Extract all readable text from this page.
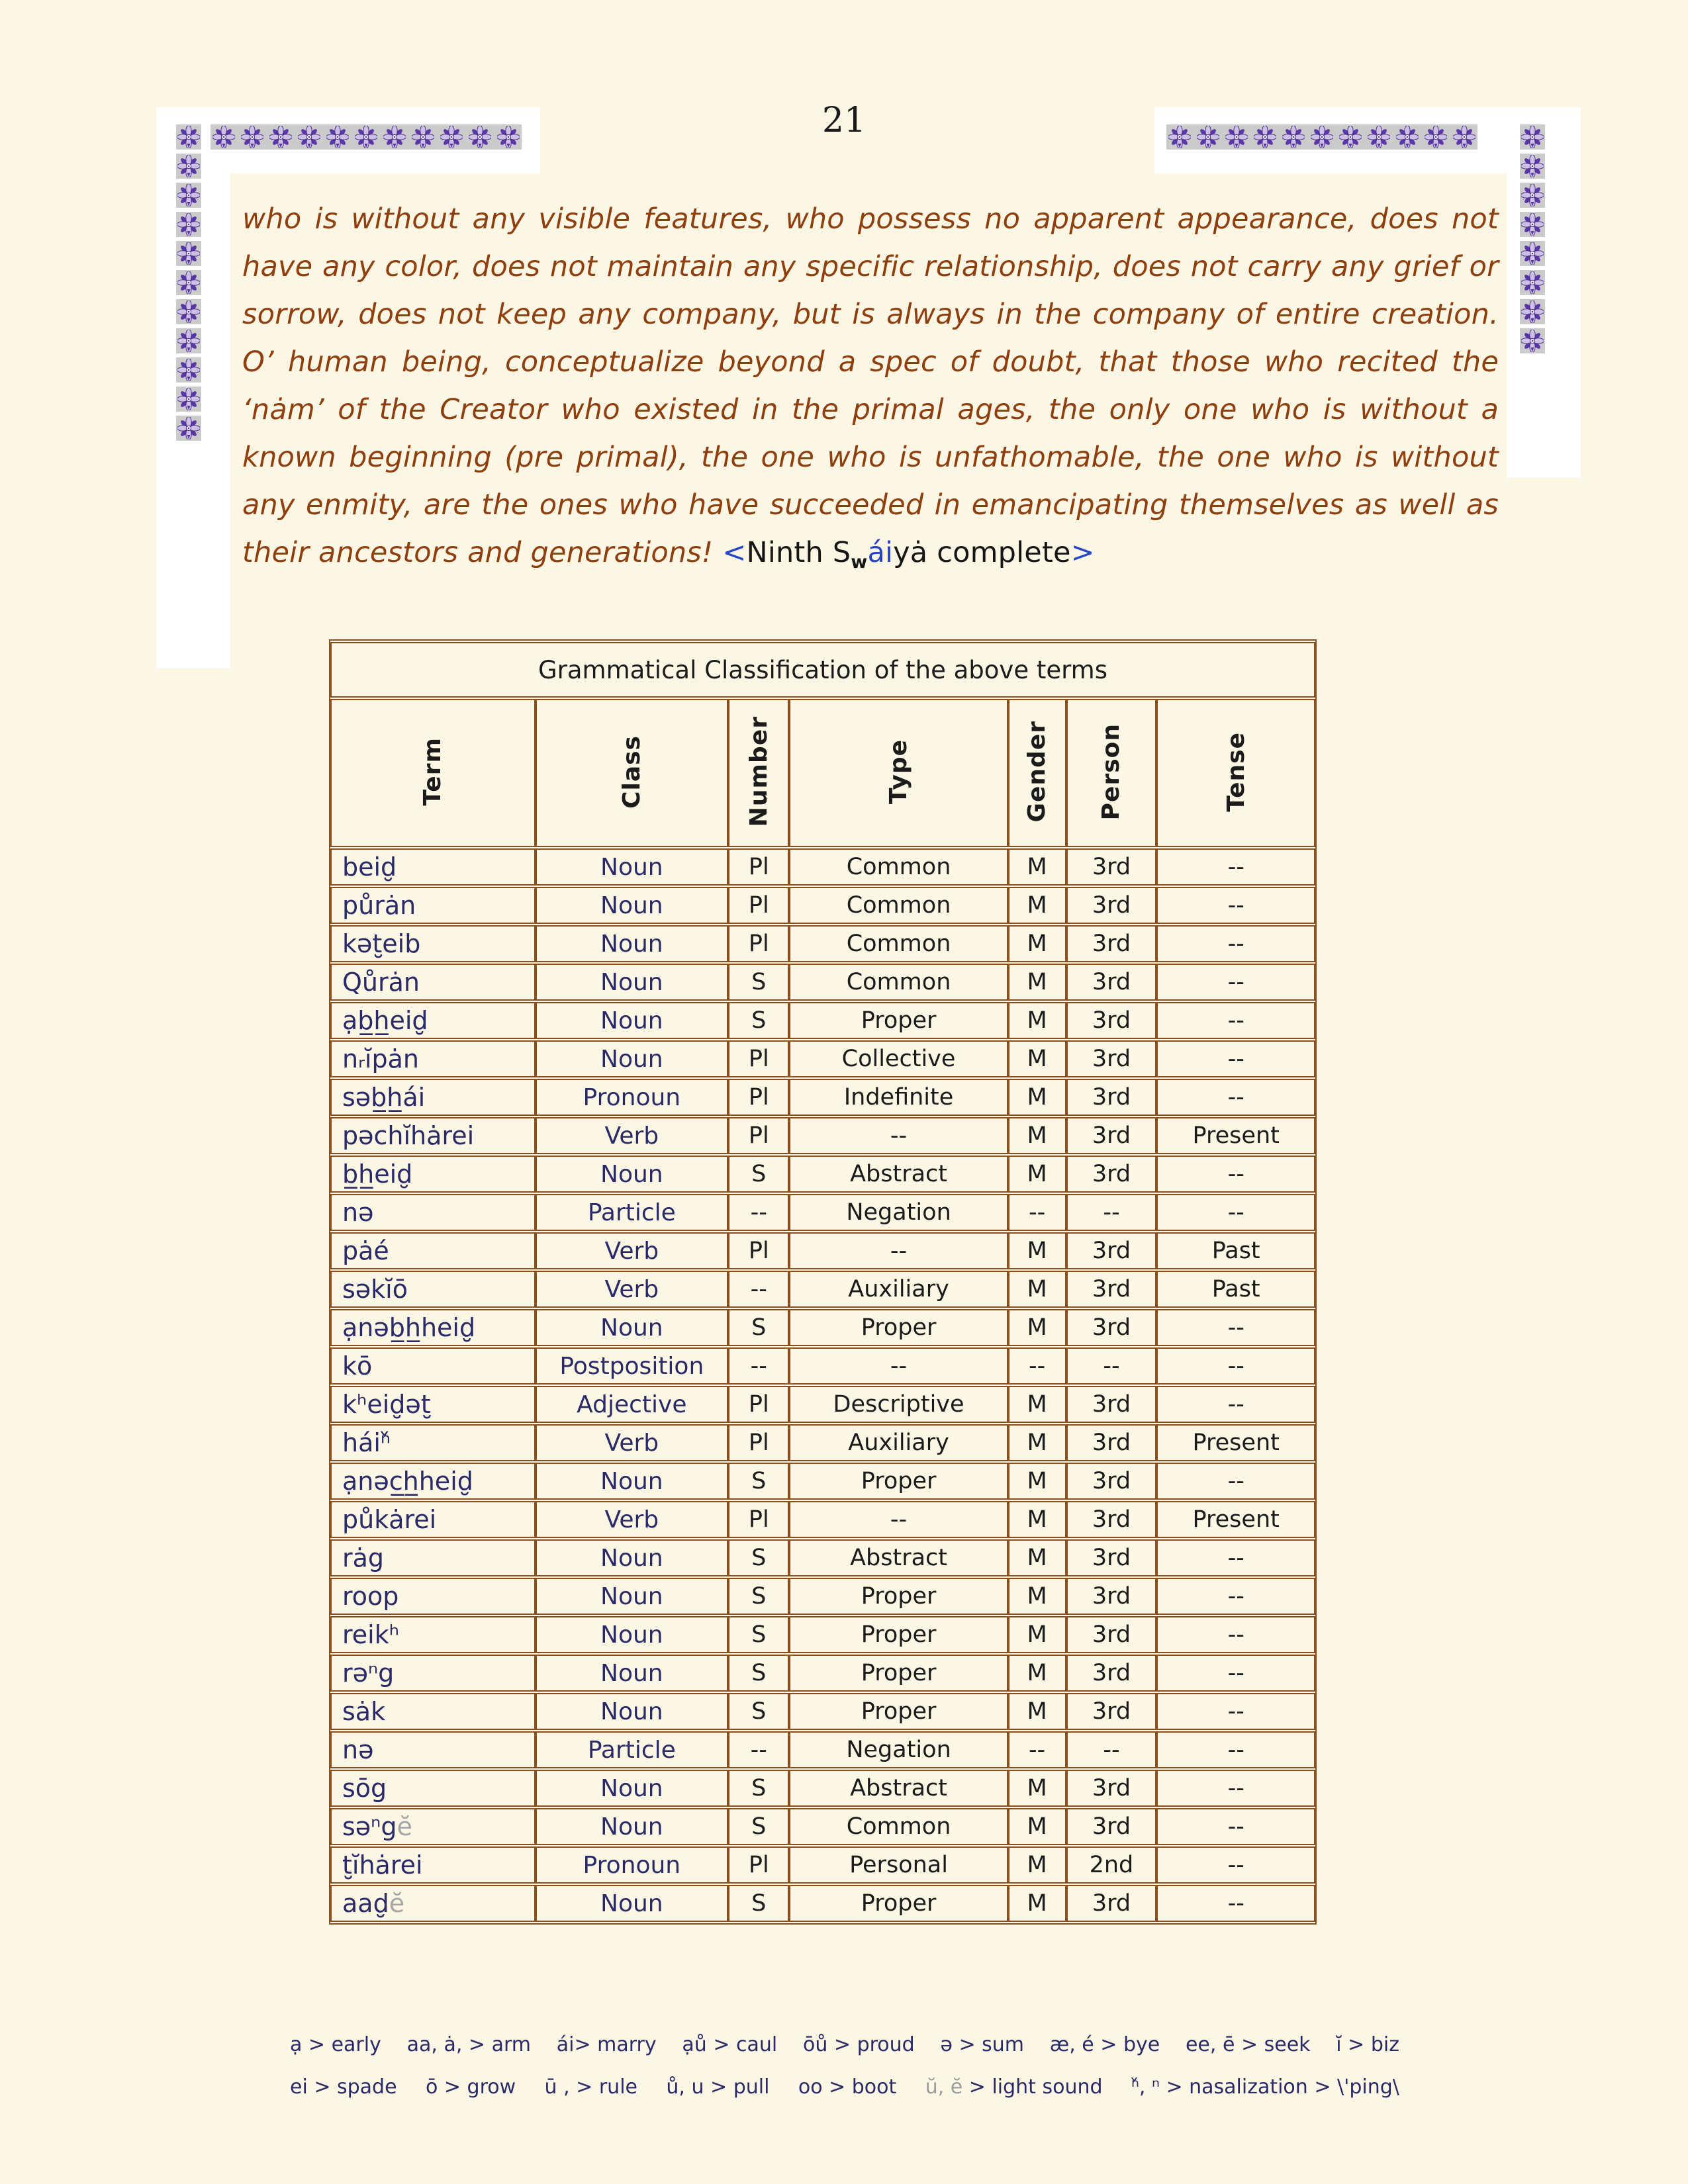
21

who is without any visible features, who possess no apparent appearance, does not have any color, does not maintain any specific relationship, does not carry any grief or sorrow, does not keep any company, but is always in the company of entire creation. O’ human being, conceptualize beyond a spec of doubt, that those who recited the ‘nȧm’ of the Creator who existed in the primal ages, the only one who is without a known beginning (pre primal), the one who is unfathomable, the one who is without any enmity, are the ones who have succeeded in emancipating themselves as well as their ancestors and generations! <Ninth $S_wáiyȧ$ complete>

Grammatical Classification of the above terms						
Term	Class	Number	Type	Gender	Person	Tense
beid̮	Noun	Pl	Common	M	3rd	--
půrȧn	Noun	Pl	Common	M	3rd	--
kət̮eib	Noun	Pl	Common	M	3rd	--
Qůrȧn	Noun	S	Common	M	3rd	--
ạb̲h̲eid̮	Noun	S	Proper	M	3rd	--
nᵣĭpȧn	Noun	Pl	Collective	M	3rd	--
səb̲h̲ái	Pronoun	Pl	Indefinite	M	3rd	--
pəchĭhȧrei	Verb	Pl	--	M	3rd	Present
b̲h̲eid̮	Noun	S	Abstract	M	3rd	--
nə	Particle	--	Negation	--	--	--
pȧé	Verb	Pl	--	M	3rd	Past
səkĭō	Verb	--	Auxiliary	M	3rd	Past
ạnəb̲h̲heid̮	Noun	S	Proper	M	3rd	--
kō	Postposition	--	--	--	--	--
kʰeid̮ət̮	Adjective	Pl	Descriptive	M	3rd	--
háiⁿ̌	Verb	Pl	Auxiliary	M	3rd	Present
ạnəc̲h̲heid̮	Noun	S	Proper	M	3rd	--
půkȧrei	Verb	Pl	--	M	3rd	Present
rȧg	Noun	S	Abstract	M	3rd	--
roop	Noun	S	Proper	M	3rd	--
reikʰ	Noun	S	Proper	M	3rd	--
rəⁿg	Noun	S	Proper	M	3rd	--
sȧk	Noun	S	Proper	M	3rd	--
nə	Particle	--	Negation	--	--	--
sōg	Noun	S	Abstract	M	3rd	--
səⁿgĕ	Noun	S	Common	M	3rd	--
t̮ĭhȧrei	Pronoun	Pl	Personal	M	2nd	--
aad̮ĕ	Noun	S	Proper	M	3rd	--
ạ > early aa, ȧ, > arm ái> marry ạů > caul ōů > proud ə > sum æ, é > bye ee, ē > seek ĭ > biz
ei > spade ō > grow ū , > rule ů, u > pull oo > boot ŭ, ĕ > light sound ⁿ̌, ⁿ > nasalization > \'ping\
